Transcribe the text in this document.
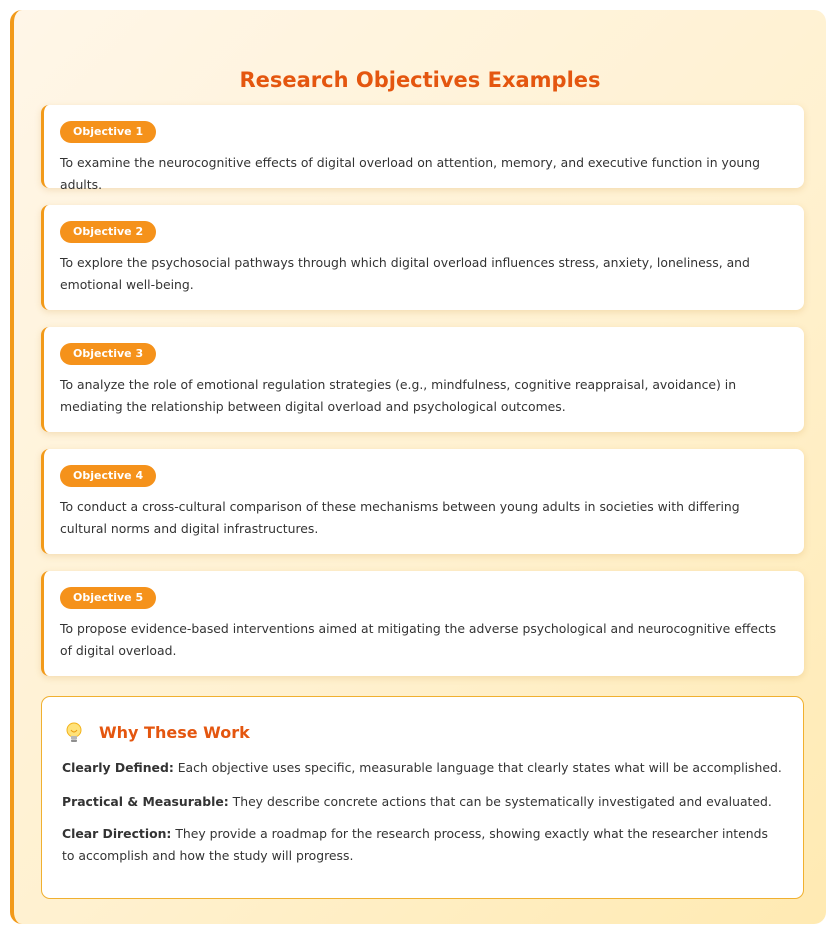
Research Objectives Examples
Objective 1

To examine the neurocognitive effects of digital overload on attention, memory, and executive function in young adults.

Objective 2

To explore the psychosocial pathways through which digital overload influences stress, anxiety, loneliness, and emotional well-being.

Objective 3

To analyze the role of emotional regulation strategies (e.g., mindfulness, cognitive reappraisal, avoidance) in mediating the relationship between digital overload and psychological outcomes.

Objective 4

To conduct a cross-cultural comparison of these mechanisms between young adults in societies with differing cultural norms and digital infrastructures.

Objective 5

To propose evidence-based interventions aimed at mitigating the adverse psychological and neurocognitive effects of digital overload.

Why These Work

Clearly Defined: Each objective uses specific, measurable language that clearly states what will be accomplished.

Practical & Measurable: They describe concrete actions that can be systematically investigated and evaluated.

Clear Direction: They provide a roadmap for the research process, showing exactly what the researcher intends to accomplish and how the study will progress.
